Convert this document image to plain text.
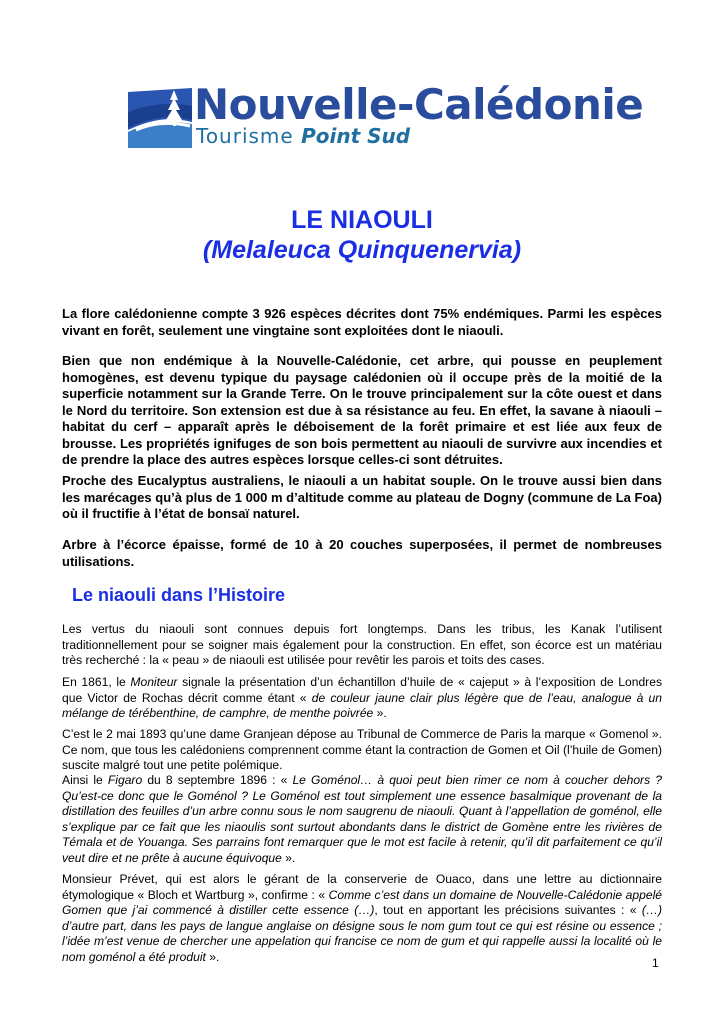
Nouvelle-Calédonie
Tourisme Point Sud
LE NIAOULI
(Melaleuca Quinquenervia)
La flore calédonienne compte 3 926 espèces décrites dont 75% endémiques. Parmi les espèces vivant en forêt, seulement une vingtaine sont exploitées dont le niaouli.
Bien que non endémique à la Nouvelle-Calédonie, cet arbre, qui pousse en peuplement homogènes, est devenu typique du paysage calédonien où il occupe près de la moitié de la superficie notamment sur la Grande Terre. On le trouve principalement sur la côte ouest et dans le Nord du territoire. Son extension est due à sa résistance au feu. En effet, la savane à niaouli – habitat du cerf – apparaît après le déboisement de la forêt primaire et est liée aux feux de brousse. Les propriétés ignifuges de son bois permettent au niaouli de survivre aux incendies et de prendre la place des autres espèces lorsque celles-ci sont détruites.
Proche des Eucalyptus australiens, le niaouli a un habitat souple. On le trouve aussi bien dans les marécages qu’à plus de 1 000 m d’altitude comme au plateau de Dogny (commune de La Foa) où il fructifie à l’état de bonsaï naturel.
Arbre à l’écorce épaisse, formé de 10 à 20 couches superposées, il permet de nombreuses utilisations.
Le niaouli dans l’Histoire
Les vertus du niaouli sont connues depuis fort longtemps. Dans les tribus, les Kanak l’utilisent traditionnellement pour se soigner mais également pour la construction. En effet, son écorce est un matériau très recherché : la « peau » de niaouli est utilisée pour revêtir les parois et toits des cases.
En 1861, le Moniteur signale la présentation d’un échantillon d’huile de « cajeput » à l’exposition de Londres que Victor de Rochas décrit comme étant « de couleur jaune clair plus légère que de l’eau, analogue à un mélange de térébenthine, de camphre, de menthe poivrée ».
C’est le 2 mai 1893 qu’une dame Granjean dépose au Tribunal de Commerce de Paris la marque « Gomenol ». Ce nom, que tous les calédoniens comprennent comme étant la contraction de Gomen et Oil (l’huile de Gomen) suscite malgré tout une petite polémique.
Ainsi le Figaro du 8 septembre 1896 : « Le Goménol… à quoi peut bien rimer ce nom à coucher dehors ? Qu’est-ce donc que le Goménol ? Le Goménol est tout simplement une essence basalmique provenant de la distillation des feuilles d’un arbre connu sous le nom saugrenu de niaouli. Quant à l’appellation de goménol, elle s’explique par ce fait que les niaoulis sont surtout abondants dans le district de Gomène entre les rivières de Témala et de Youanga. Ses parrains font remarquer que le mot est facile à retenir, qu’il dit parfaitement ce qu’il veut dire et ne prête à aucune équivoque ».
Monsieur Prévet, qui est alors le gérant de la conserverie de Ouaco, dans une lettre au dictionnaire étymologique « Bloch et Wartburg », confirme : « Comme c’est dans un domaine de Nouvelle-Calédonie appelé Gomen que j’ai commencé à distiller cette essence (…), tout en apportant les précisions suivantes : « (…) d’autre part, dans les pays de langue anglaise on désigne sous le nom gum tout ce qui est résine ou essence ; l’idée m’est venue de chercher une appelation qui francise ce nom de gum et qui rappelle aussi la localité où le nom goménol a été produit ».	1
